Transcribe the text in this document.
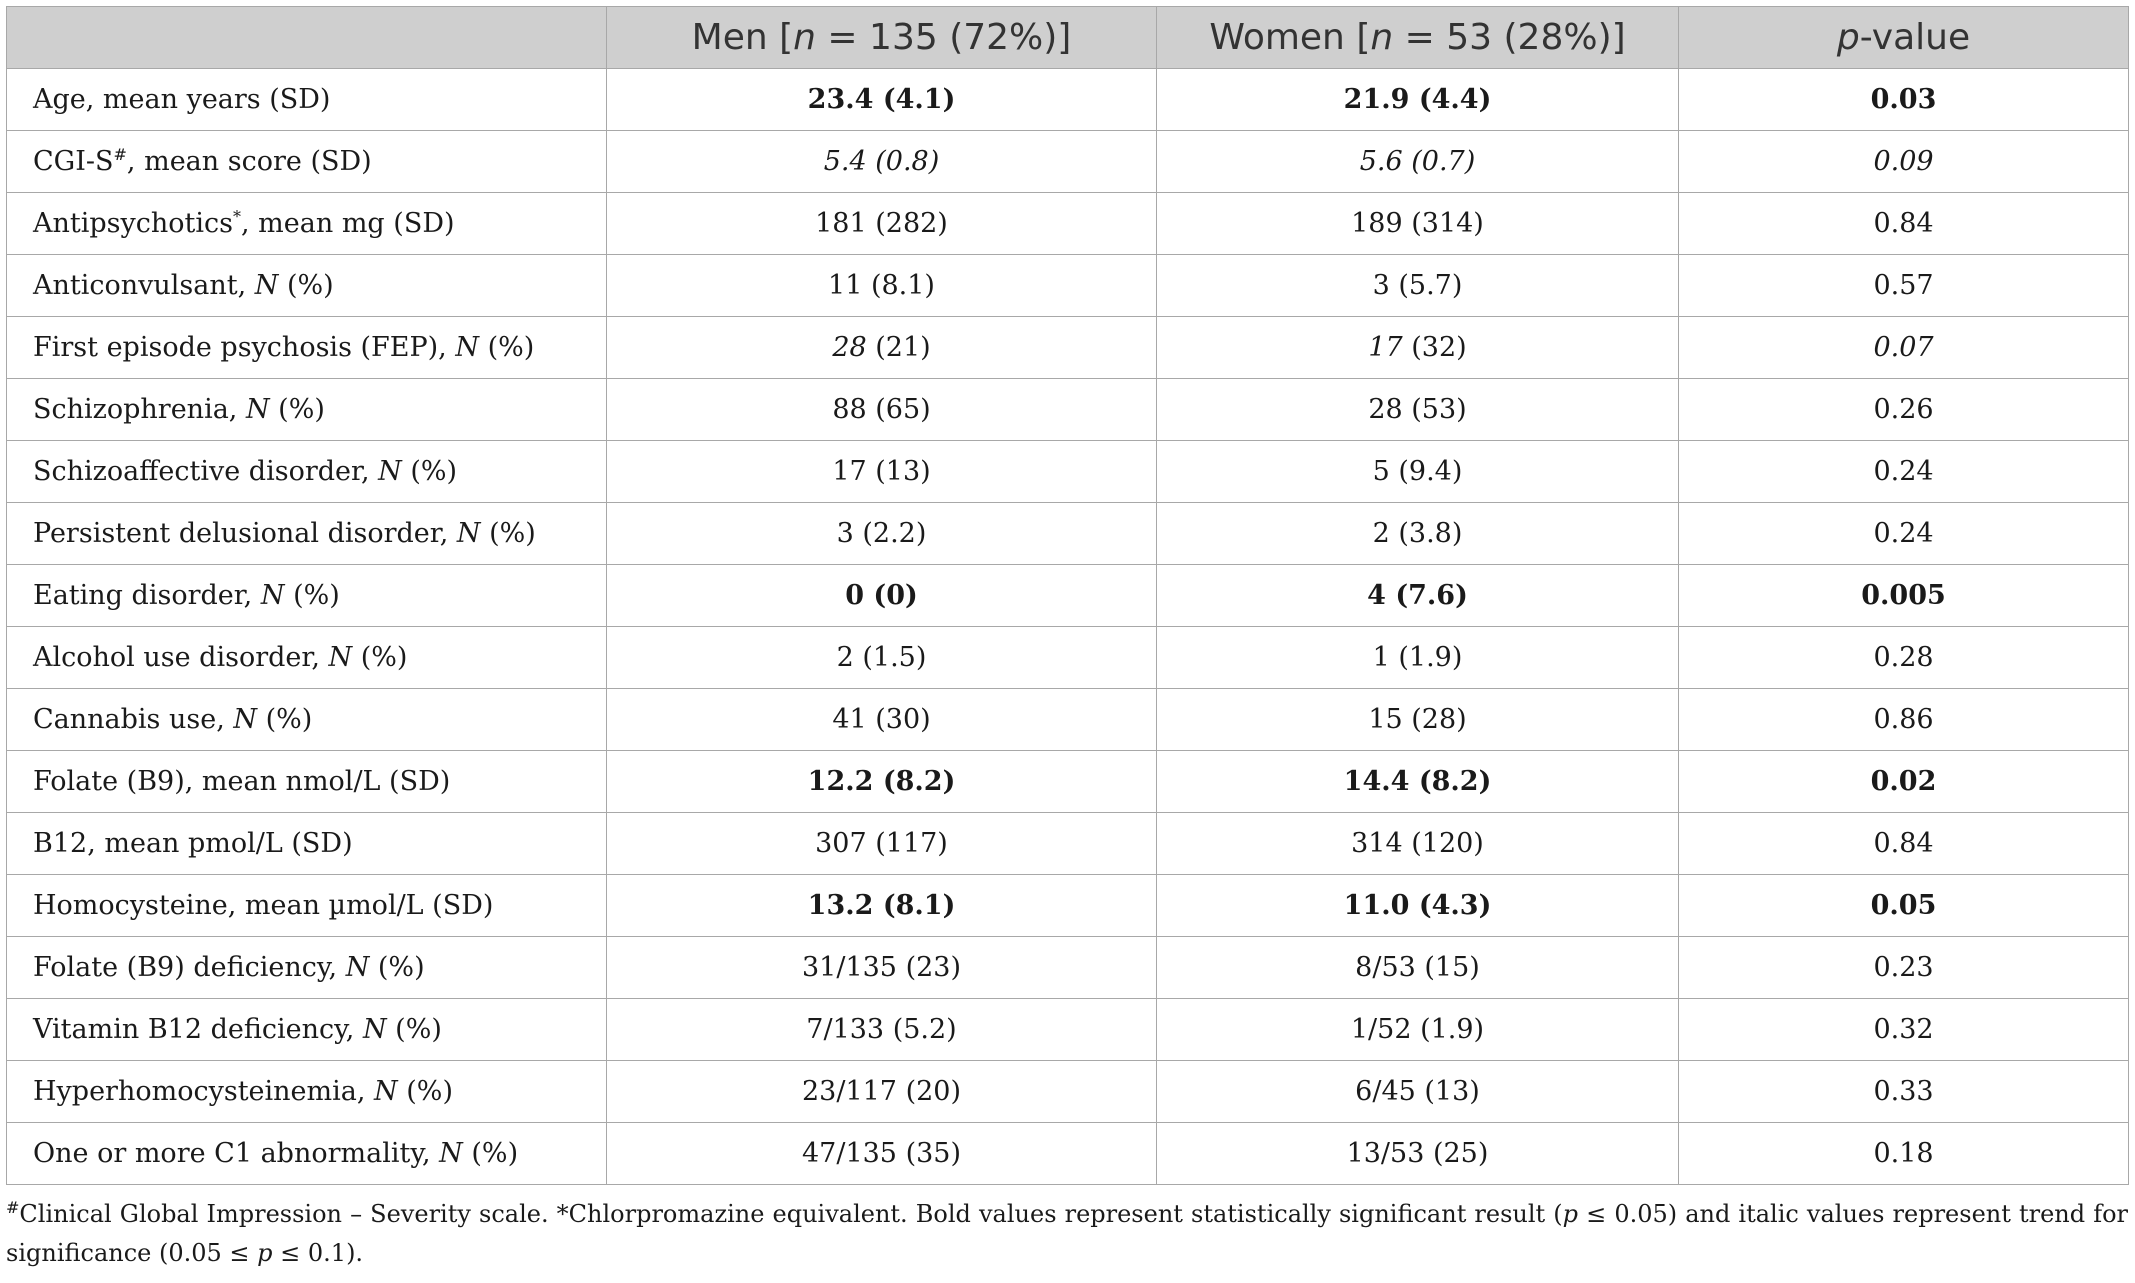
	Men [n = 135 (72%)]	Women [n = 53 (28%)]	p-value
Age, mean years (SD)	23.4 (4.1)	21.9 (4.4)	0.03
CGI-S#, mean score (SD)	5.4 (0.8)	5.6 (0.7)	0.09
Antipsychotics*, mean mg (SD)	181 (282)	189 (314)	0.84
Anticonvulsant, N (%)	11 (8.1)	3 (5.7)	0.57
First episode psychosis (FEP), N (%)	28 (21)	17 (32)	0.07
Schizophrenia, N (%)	88 (65)	28 (53)	0.26
Schizoaffective disorder, N (%)	17 (13)	5 (9.4)	0.24
Persistent delusional disorder, N (%)	3 (2.2)	2 (3.8)	0.24
Eating disorder, N (%)	0 (0)	4 (7.6)	0.005
Alcohol use disorder, N (%)	2 (1.5)	1 (1.9)	0.28
Cannabis use, N (%)	41 (30)	15 (28)	0.86
Folate (B9), mean nmol/L (SD)	12.2 (8.2)	14.4 (8.2)	0.02
B12, mean pmol/L (SD)	307 (117)	314 (120)	0.84
Homocysteine, mean µmol/L (SD)	13.2 (8.1)	11.0 (4.3)	0.05
Folate (B9) deficiency, N (%)	31/135 (23)	8/53 (15)	0.23
Vitamin B12 deficiency, N (%)	7/133 (5.2)	1/52 (1.9)	0.32
Hyperhomocysteinemia, N (%)	23/117 (20)	6/45 (13)	0.33
One or more C1 abnormality, N (%)	47/135 (35)	13/53 (25)	0.18
#Clinical Global Impression – Severity scale. *Chlorpromazine equivalent. Bold values represent statistically significant result (p ≤ 0.05) and italic values represent trend for significance (0.05 ≤ p ≤ 0.1).
